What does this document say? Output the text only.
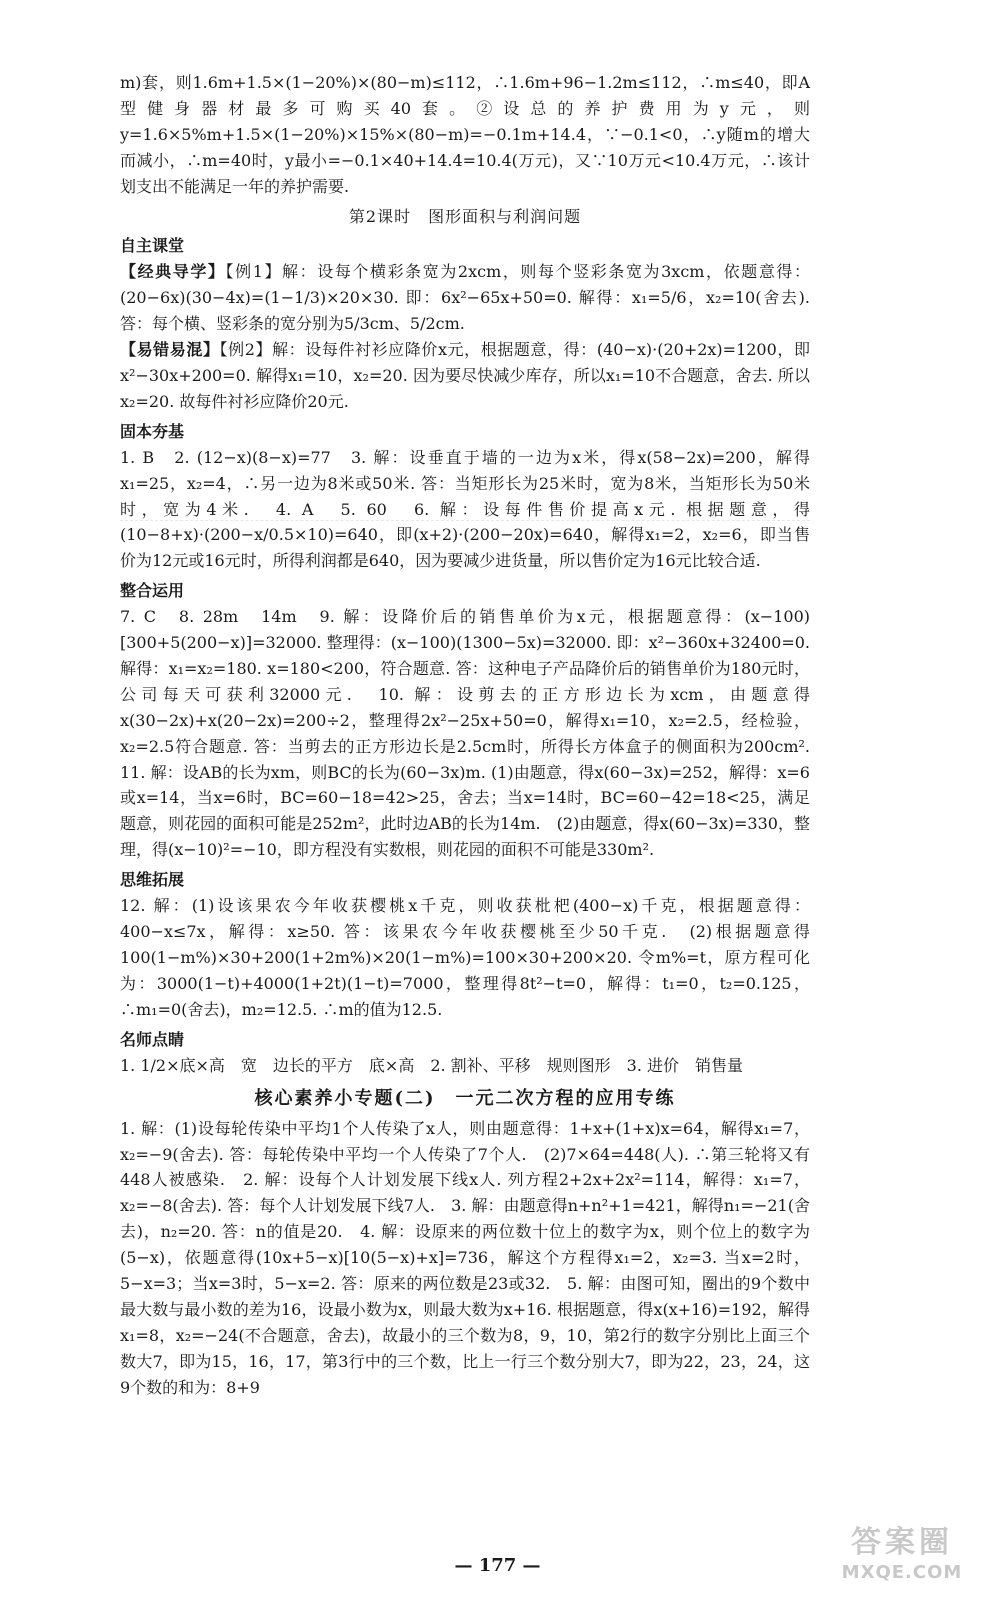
m)套，则1.6m+1.5×(1−20%)×(80−m)≤112，∴1.6m+96−1.2m≤112，∴m≤40，即A型健身器材最多可购买40套。②设总的养护费用为y元，则y=1.6×5%m+1.5×(1−20%)×15%×(80−m)=−0.1m+14.4，∵−0.1<0，∴y随m的增大而减小，∴m=40时，y最小=−0.1×40+14.4=10.4(万元)，又∵10万元<10.4万元，∴该计划支出不能满足一年的养护需要.

第2课时　图形面积与利润问题
自主课堂

【经典导学】【例1】解：设每个横彩条宽为2xcm，则每个竖彩条宽为3xcm，依题意得：(20−6x)(30−4x)=(1−1/3)×20×30. 即：6x²−65x+50=0. 解得：x₁=5/6，x₂=10(舍去). 答：每个横、竖彩条的宽分别为5/3cm、5/2cm.

【易错易混】【例2】解：设每件衬衫应降价x元，根据题意，得：(40−x)·(20+2x)=1200，即x²−30x+200=0. 解得x₁=10，x₂=20. 因为要尽快减少库存，所以x₁=10不合题意，舍去. 所以x₂=20. 故每件衬衫应降价20元.

固本夯基

1. B　2. (12−x)(8−x)=77　3. 解：设垂直于墙的一边为x米，得x(58−2x)=200，解得x₁=25，x₂=4，∴另一边为8米或50米. 答：当矩形长为25米时，宽为8米，当矩形长为50米时，宽为4米.　4. A　5. 60　6. 解：设每件售价提高x元. 根据题意，得(10−8+x)·(200−x/0.5×10)=640，即(x+2)·(200−20x)=640，解得x₁=2，x₂=6，即当售价为12元或16元时，所得利润都是640，因为要减少进货量，所以售价定为16元比较合适.

整合运用

7. C　8. 28m　14m　9. 解：设降价后的销售单价为x元，根据题意得：(x−100)[300+5(200−x)]=32000. 整理得：(x−100)(1300−5x)=32000. 即：x²−360x+32400=0. 解得：x₁=x₂=180. x=180<200，符合题意. 答：这种电子产品降价后的销售单价为180元时，公司每天可获利32000元.　10. 解：设剪去的正方形边长为xcm，由题意得x(30−2x)+x(20−2x)=200÷2，整理得2x²−25x+50=0，解得x₁=10，x₂=2.5，经检验，x₂=2.5符合题意. 答：当剪去的正方形边长是2.5cm时，所得长方体盒子的侧面积为200cm².　11. 解：设AB的长为xm，则BC的长为(60−3x)m. (1)由题意，得x(60−3x)=252，解得：x=6或x=14，当x=6时，BC=60−18=42>25，舍去；当x=14时，BC=60−42=18<25，满足题意，则花园的面积可能是252m²，此时边AB的长为14m.　(2)由题意，得x(60−3x)=330，整理，得(x−10)²=−10，即方程没有实数根，则花园的面积不可能是330m².

思维拓展

12. 解：(1)设该果农今年收获樱桃x千克，则收获枇杷(400−x)千克，根据题意得：400−x≤7x，解得：x≥50. 答：该果农今年收获樱桃至少50千克.　(2)根据题意得100(1−m%)×30+200(1+2m%)×20(1−m%)=100×30+200×20. 令m%=t，原方程可化为：3000(1−t)+4000(1+2t)(1−t)=7000，整理得8t²−t=0，解得：t₁=0，t₂=0.125，∴m₁=0(舍去)，m₂=12.5. ∴m的值为12.5.

名师点睛

1. 1/2×底×高　宽　边长的平方　底×高　2. 割补、平移　规则图形　3. 进价　销售量

核心素养小专题(二)　一元二次方程的应用专练

1. 解：(1)设每轮传染中平均1个人传染了x人，则由题意得：1+x+(1+x)x=64，解得x₁=7，x₂=−9(舍去). 答：每轮传染中平均一个人传染了7个人.　(2)7×64=448(人). ∴第三轮将又有448人被感染.　2. 解：设每个人计划发展下线x人. 列方程2+2x+2x²=114，解得：x₁=7，x₂=−8(舍去). 答：每个人计划发展下线7人.　3. 解：由题意得n+n²+1=421，解得n₁=−21(舍去)，n₂=20. 答：n的值是20.　4. 解：设原来的两位数十位上的数字为x，则个位上的数字为(5−x)，依题意得(10x+5−x)[10(5−x)+x]=736，解这个方程得x₁=2，x₂=3. 当x=2时，5−x=3；当x=3时，5−x=2. 答：原来的两位数是23或32.　5. 解：由图可知，圈出的9个数中最大数与最小数的差为16，设最小数为x，则最大数为x+16. 根据题意，得x(x+16)=192，解得x₁=8，x₂=−24(不合题意，舍去)，故最小的三个数为8，9，10，第2行的数字分别比上面三个数大7，即为15，16，17，第3行中的三个数，比上一行三个数分别大7，即为22，23，24，这9个数的和为：8+9

— 177 —
答案圈
MXQE.COM
